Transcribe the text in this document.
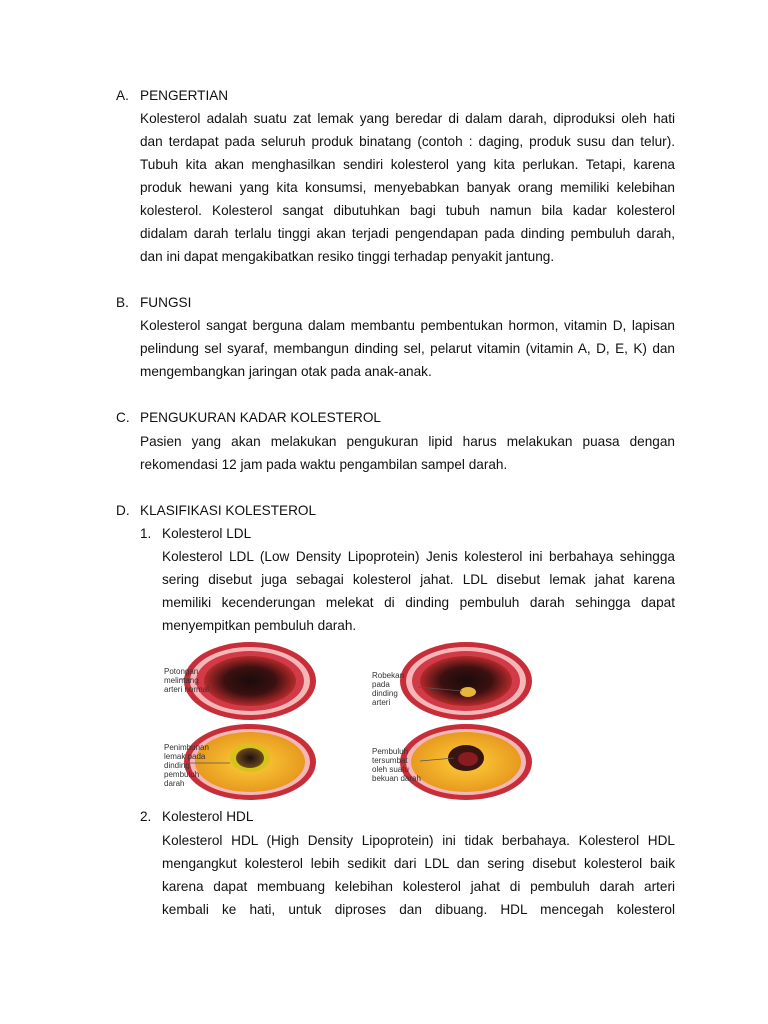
A. PENGERTIAN
Kolesterol adalah suatu zat lemak yang beredar di dalam darah, diproduksi oleh hati
dan terdapat pada seluruh produk binatang (contoh : daging, produk susu dan telur).
Tubuh kita akan menghasilkan sendiri kolesterol yang kita perlukan. Tetapi, karena
produk hewani yang kita konsumsi, menyebabkan banyak orang memiliki kelebihan
kolesterol. Kolesterol sangat dibutuhkan bagi tubuh namun bila kadar kolesterol
didalam darah terlalu tinggi akan terjadi pengendapan pada dinding pembuluh darah,
dan ini dapat mengakibatkan resiko tinggi terhadap penyakit jantung.
B. FUNGSI
Kolesterol sangat berguna dalam membantu pembentukan hormon, vitamin D, lapisan
pelindung sel syaraf, membangun dinding sel, pelarut vitamin (vitamin A, D, E, K) dan
mengembangkan jaringan otak pada anak-anak.
C. PENGUKURAN KADAR KOLESTEROL
Pasien yang akan melakukan pengukuran lipid harus melakukan puasa dengan
rekomendasi 12 jam pada waktu pengambilan sampel darah.
D. KLASIFIKASI KOLESTEROL
1. Kolesterol LDL
Kolesterol LDL (Low Density Lipoprotein) Jenis kolesterol ini berbahaya sehingga
sering disebut juga sebagai kolesterol jahat. LDL disebut lemak jahat karena
memiliki kecenderungan melekat di dinding pembuluh darah sehingga dapat
menyempitkan pembuluh darah.
Potongan
melintang
arteri normal
Robekan
pada
dinding
arteri
Penimbunan
lemak pada
dinding
pembuluh
darah
Pembuluh
tersumbat
oleh suatu
bekuan darah
2. Kolesterol HDL
Kolesterol HDL (High Density Lipoprotein) ini tidak berbahaya. Kolesterol HDL
mengangkut kolesterol lebih sedikit dari LDL dan sering disebut kolesterol baik
karena dapat membuang kelebihan kolesterol jahat di pembuluh darah arteri
kembali ke hati, untuk diproses dan dibuang. HDL mencegah kolesterol
